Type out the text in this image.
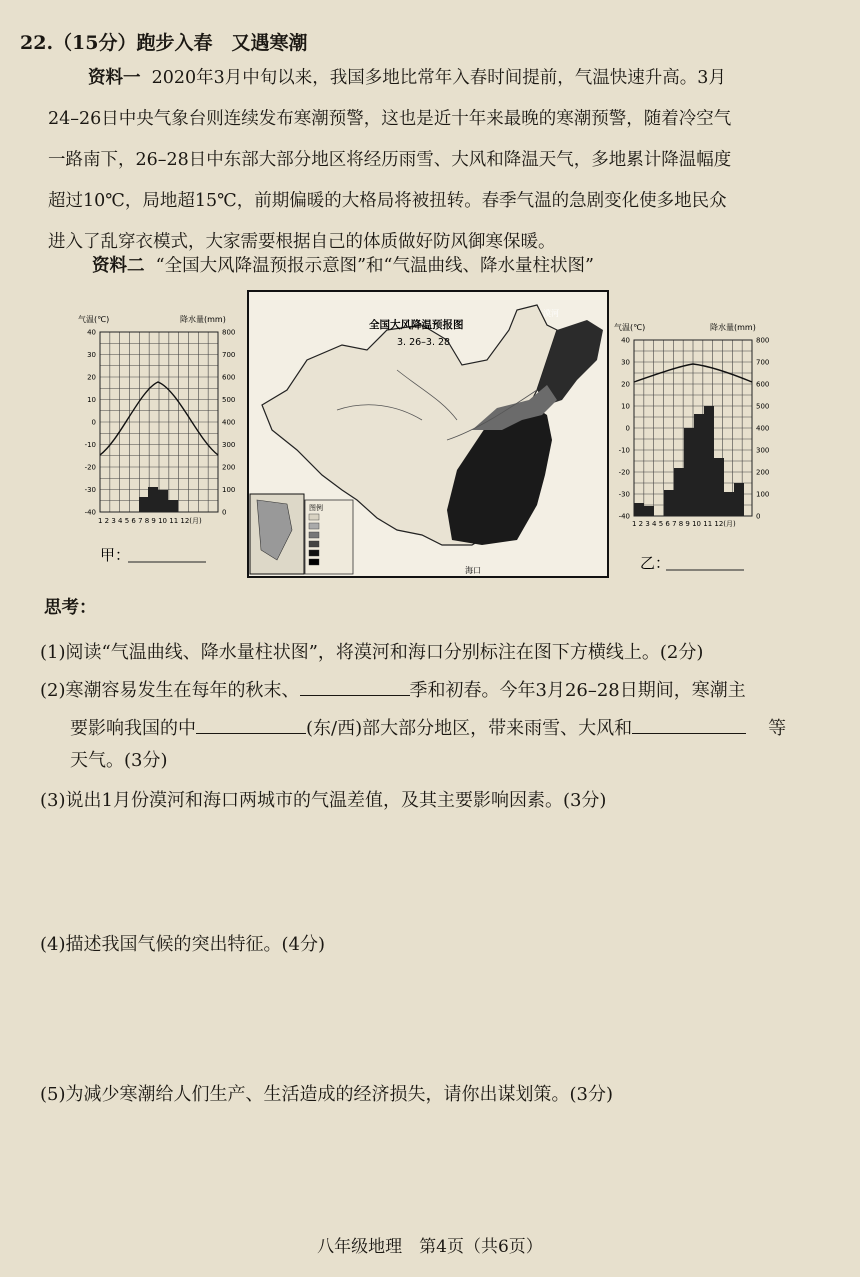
22.（15分）跑步入春　又遇寒潮

资料一 2020年3月中旬以来，我国多地比常年入春时间提前，气温快速升高。3月

24–26日中央气象台则连续发布寒潮预警，这也是近十年来最晚的寒潮预警，随着冷空气

一路南下，26–28日中东部大部分地区将经历雨雪、大风和降温天气，多地累计降温幅度

超过10℃，局地超15℃，前期偏暖的大格局将被扭转。春季气温的急剧变化使多地民众

进入了乱穿衣模式，大家需要根据自己的体质做好防风御寒保暖。

资料二 “全国大风降温预报示意图”和“气温曲线、降水量柱状图”
气温(℃)	降水量(mm)
40
30
20
10
0
-10
-20
-30
-40
800
700
600
500
400
300
200
100
0
1 2 3 4 5 6 7 8 9 10 11 12(月)
甲：
全国大风降温预报图
3. 26–3. 28
漠河
海口
图例
气温(℃)	降水量(mm)
40
30
20
10
0
-10
-20
-30
-40
800
700
600
500
400
300
200
100
0
1 2 3 4 5 6 7 8 9 10 11 12(月)
乙：
思考：
(1)阅读“气温曲线、降水量柱状图”，将漠河和海口分别标注在图下方横线上。(2分)
(2)寒潮容易发生在每年的秋末、	季和初春。今年3月26–28日期间，寒潮主
要影响我国的中	(东/西)部大部分地区，带来雨雪、大风和	等
天气。(3分)
(3)说出1月份漠河和海口两城市的气温差值，及其主要影响因素。(3分)
(4)描述我国气候的突出特征。(4分)
(5)为减少寒潮给人们生产、生活造成的经济损失，请你出谋划策。(3分)
八年级地理　第4页（共6页）
